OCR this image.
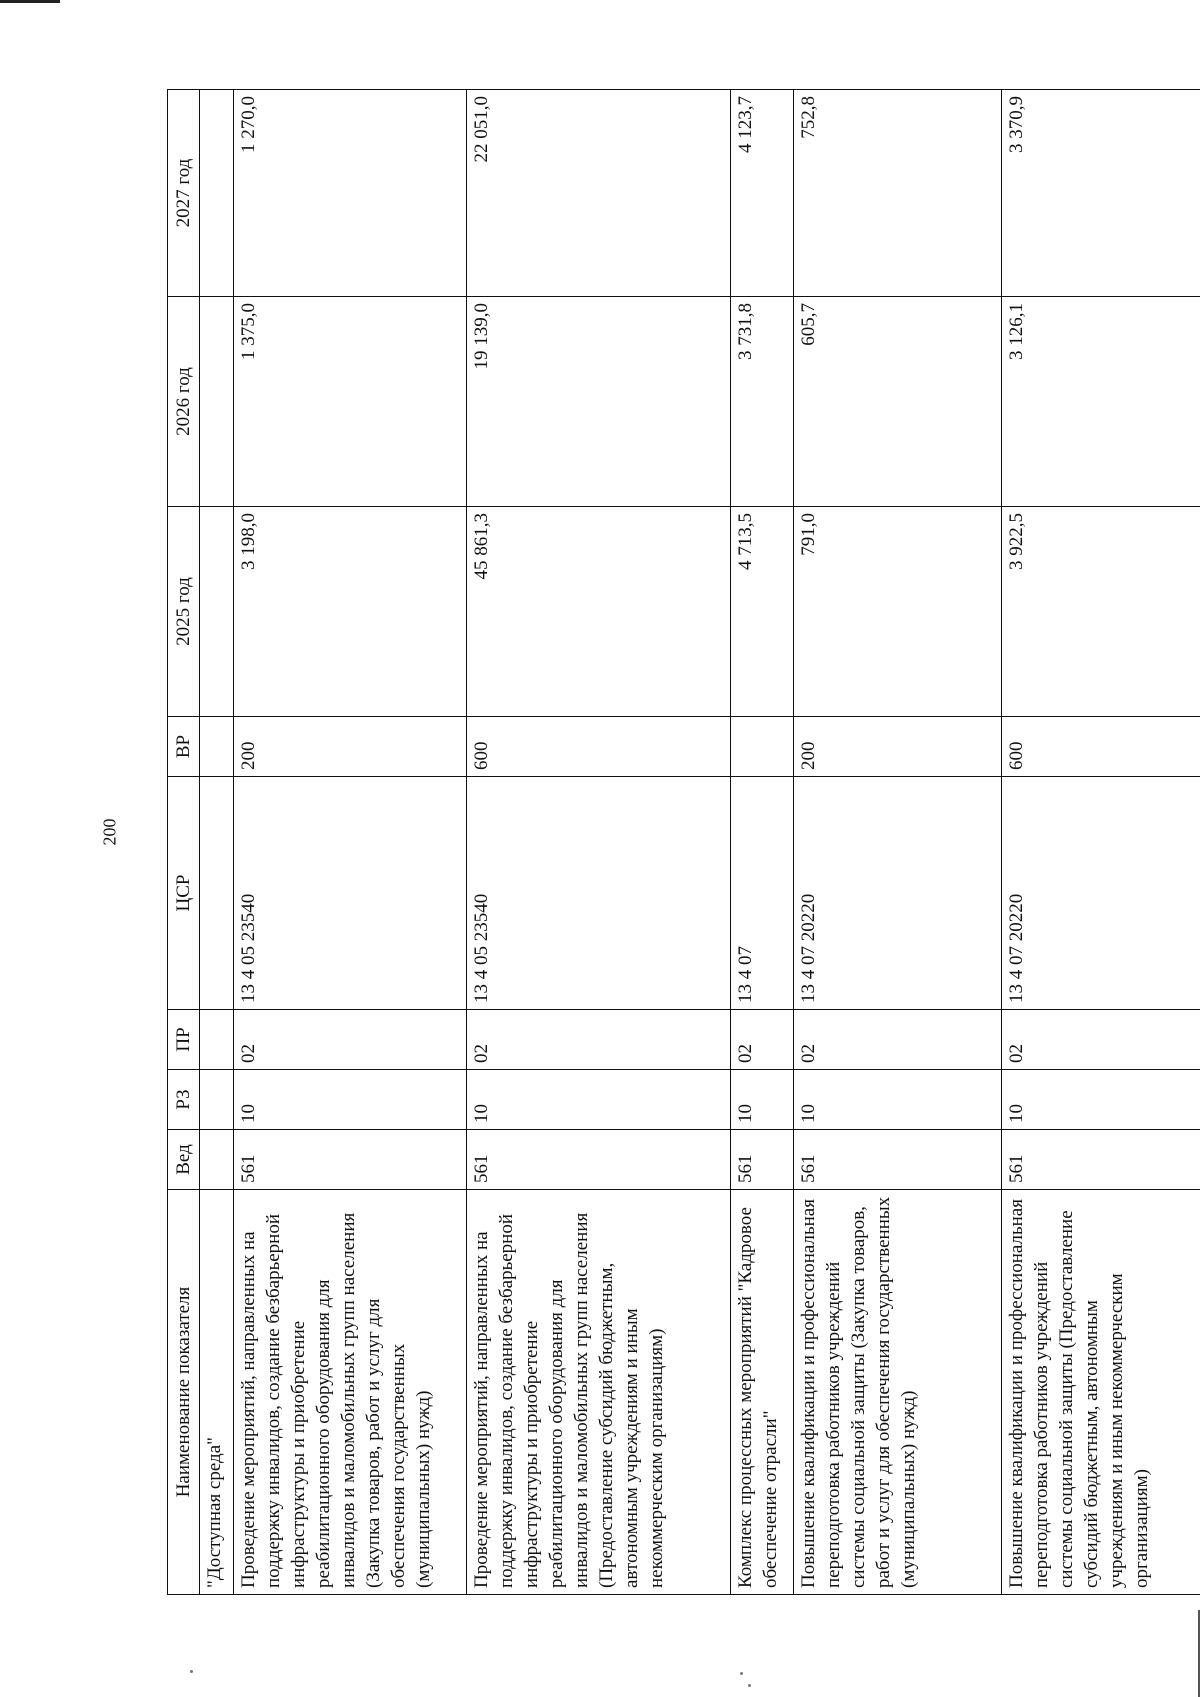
200
Наименование показателя	Вед	РЗ	ПР	ЦСР	ВР	2025 год	2026 год	2027 год
"Доступная среда"								
Проведение мероприятий, направленных на поддержку инвалидов, создание безбарьерной инфраструктуры и приобретение реабилитационного оборудования для инвалидов и маломобильных групп населения (Закупка товаров, работ и услуг для обеспечения государственных (муниципальных) нужд)	561	10	02	13 4 05 23540	200	3 198,0	1 375,0	1 270,0
Проведение мероприятий, направленных на поддержку инвалидов, создание безбарьерной инфраструктуры и приобретение реабилитационного оборудования для инвалидов и маломобильных групп населения (Предоставление субсидий бюджетным, автономным учреждениям и иным некоммерческим организациям)	561	10	02	13 4 05 23540	600	45 861,3	19 139,0	22 051,0
Комплекс процессных мероприятий "Кадровое обеспечение отрасли"	561	10	02	13 4 07		4 713,5	3 731,8	4 123,7
Повышение квалификации и профессиональная переподготовка работников учреждений системы социальной защиты (Закупка товаров, работ и услуг для обеспечения государственных (муниципальных) нужд)	561	10	02	13 4 07 20220	200	791,0	605,7	752,8
Повышение квалификации и профессиональная переподготовка работников учреждений системы социальной защиты (Предоставление субсидий бюджетным, автономным учреждениям и иным некоммерческим организациям)	561	10	02	13 4 07 20220	600	3 922,5	3 126,1	3 370,9
